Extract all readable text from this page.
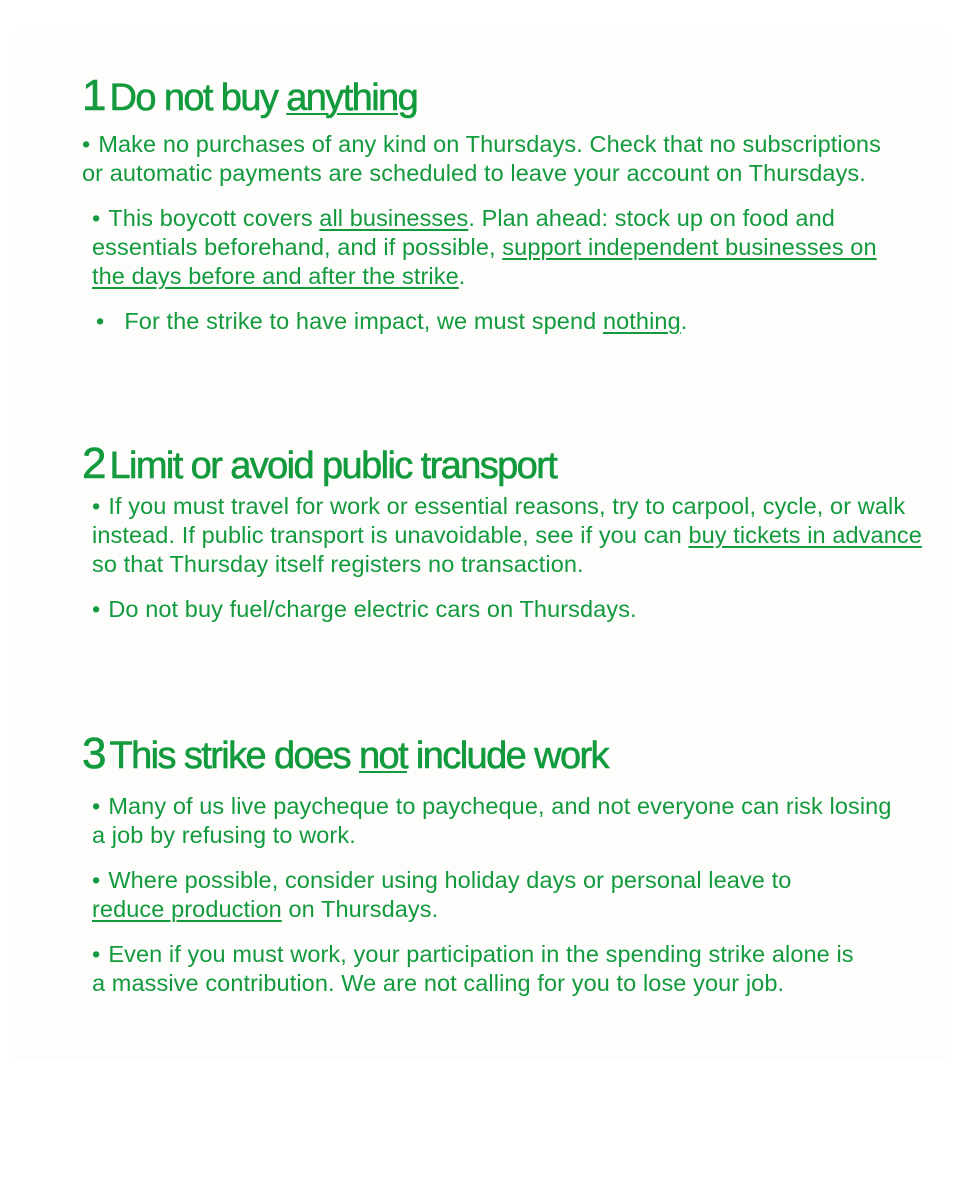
1 Do not buy anything
• Make no purchases of any kind on Thursdays. Check that no subscriptions or automatic payments are scheduled to leave your account on Thursdays.
• This boycott covers all businesses. Plan ahead: stock up on food and essentials beforehand, and if possible, support independent businesses on the days before and after the strike.
• For the strike to have impact, we must spend nothing.
2 Limit or avoid public transport
• If you must travel for work or essential reasons, try to carpool, cycle, or walk instead. If public transport is unavoidable, see if you can buy tickets in advance so that Thursday itself registers no transaction.
• Do not buy fuel/charge electric cars on Thursdays.
3 This strike does not include work
• Many of us live paycheque to paycheque, and not everyone can risk losing a job by refusing to work.
• Where possible, consider using holiday days or personal leave to reduce production on Thursdays.
• Even if you must work, your participation in the spending strike alone is a massive contribution. We are not calling for you to lose your job.
